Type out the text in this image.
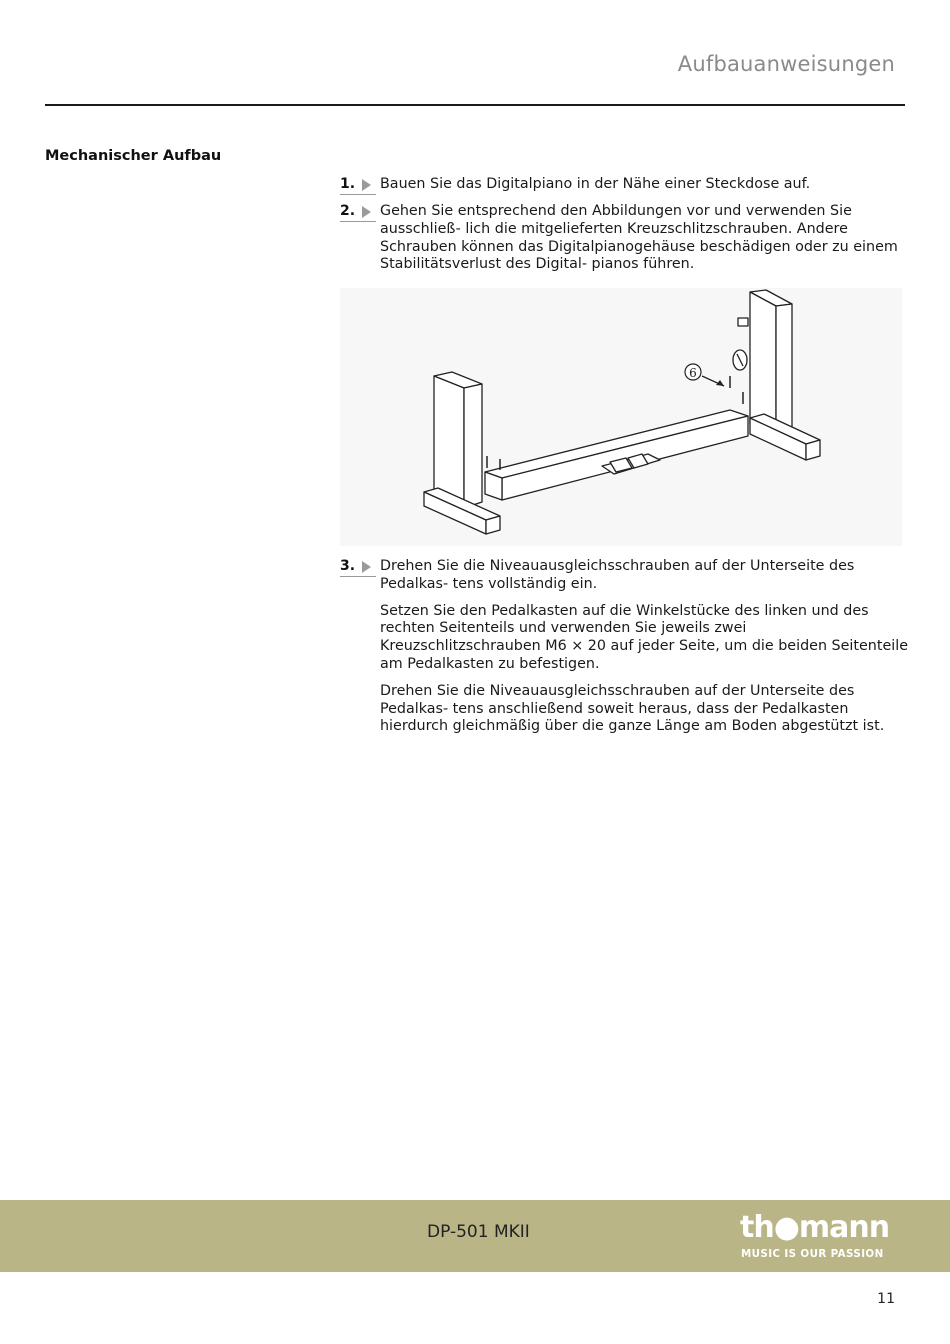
Aufbauanweisungen
Mechanischer Aufbau
1.	Bauen Sie das Digitalpiano in der Nähe einer Steckdose auf.

2.	Gehen Sie entsprechend den Abbildungen vor und verwenden Sie ausschließ- lich die mitgelieferten Kreuzschlitzschrauben. Andere Schrauben können das Digitalpianogehäuse beschädigen oder zu einem Stabilitätsverlust des Digital- pianos führen.

6
3.	Drehen Sie die Niveauausgleichsschrauben auf der Unterseite des Pedalkas- tens vollständig ein.

Setzen Sie den Pedalkasten auf die Winkelstücke des linken und des rechten Seitenteils und verwenden Sie jeweils zwei Kreuzschlitzschrauben M6 × 20 auf jeder Seite, um die beiden Seitenteile am Pedalkasten zu befestigen.

Drehen Sie die Niveauausgleichsschrauben auf der Unterseite des Pedalkas- tens anschließend soweit heraus, dass der Pedalkasten hierdurch gleichmäßig über die ganze Länge am Boden abgestützt ist.

DP-501 MKII	th●mann
MUSIC IS OUR PASSION
11
